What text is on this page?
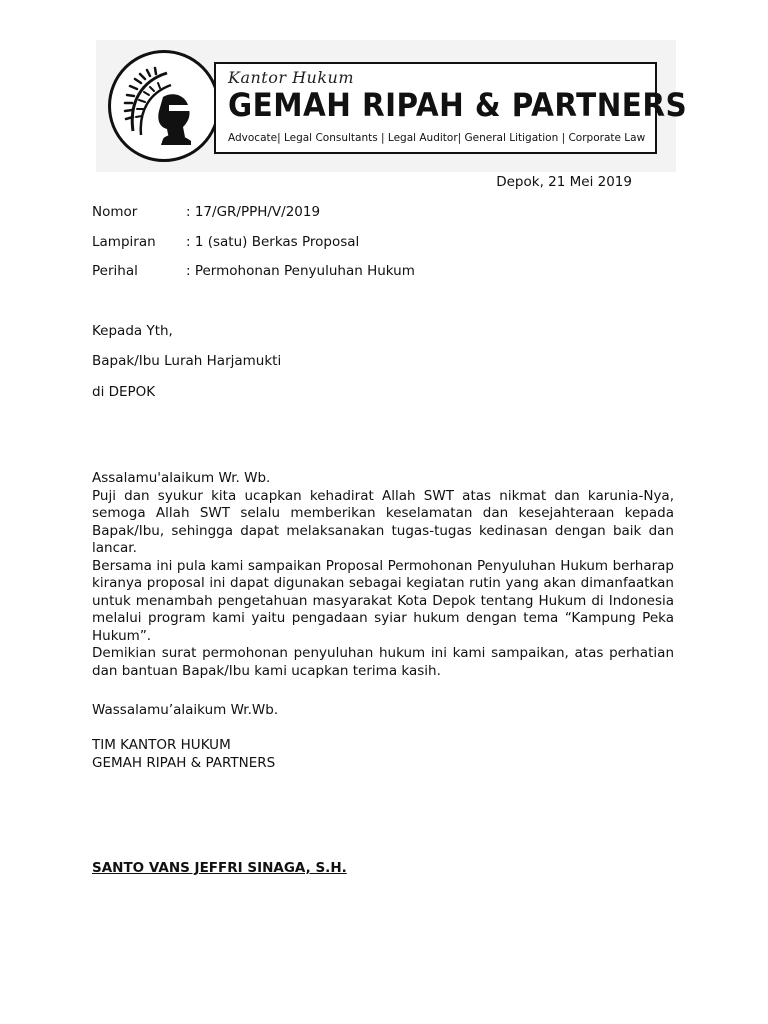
Kantor Hukum
GEMAH RIPAH & PARTNERS
Advocate| Legal Consultants | Legal Auditor| General Litigation | Corporate Law
Depok, 21 Mei 2019
Nomor	: 17/GR/PPH/V/2019
Lampiran : 1 (satu) Berkas Proposal
Perihal	: Permohonan Penyuluhan Hukum
Kepada Yth,
Bapak/Ibu Lurah Harjamukti
di DEPOK

Assalamu'alaikum Wr. Wb.

Puji dan syukur kita ucapkan kehadirat Allah SWT atas nikmat dan karunia-Nya, semoga Allah SWT selalu memberikan keselamatan dan kesejahteraan kepada Bapak/Ibu, sehingga dapat melaksanakan tugas-tugas kedinasan dengan baik dan lancar.

Bersama ini pula kami sampaikan Proposal Permohonan Penyuluhan Hukum berharap kiranya proposal ini dapat digunakan sebagai kegiatan rutin yang akan dimanfaatkan untuk menambah pengetahuan masyarakat Kota Depok tentang Hukum di Indonesia melalui program kami yaitu pengadaan syiar hukum dengan tema “Kampung Peka Hukum”.

Demikian surat permohonan penyuluhan hukum ini kami sampaikan, atas perhatian dan bantuan Bapak/Ibu kami ucapkan terima kasih.

Wassalamu’alaikum Wr.Wb.
TIM KANTOR HUKUM
GEMAH RIPAH & PARTNERS
SANTO VANS JEFFRI SINAGA, S.H.
